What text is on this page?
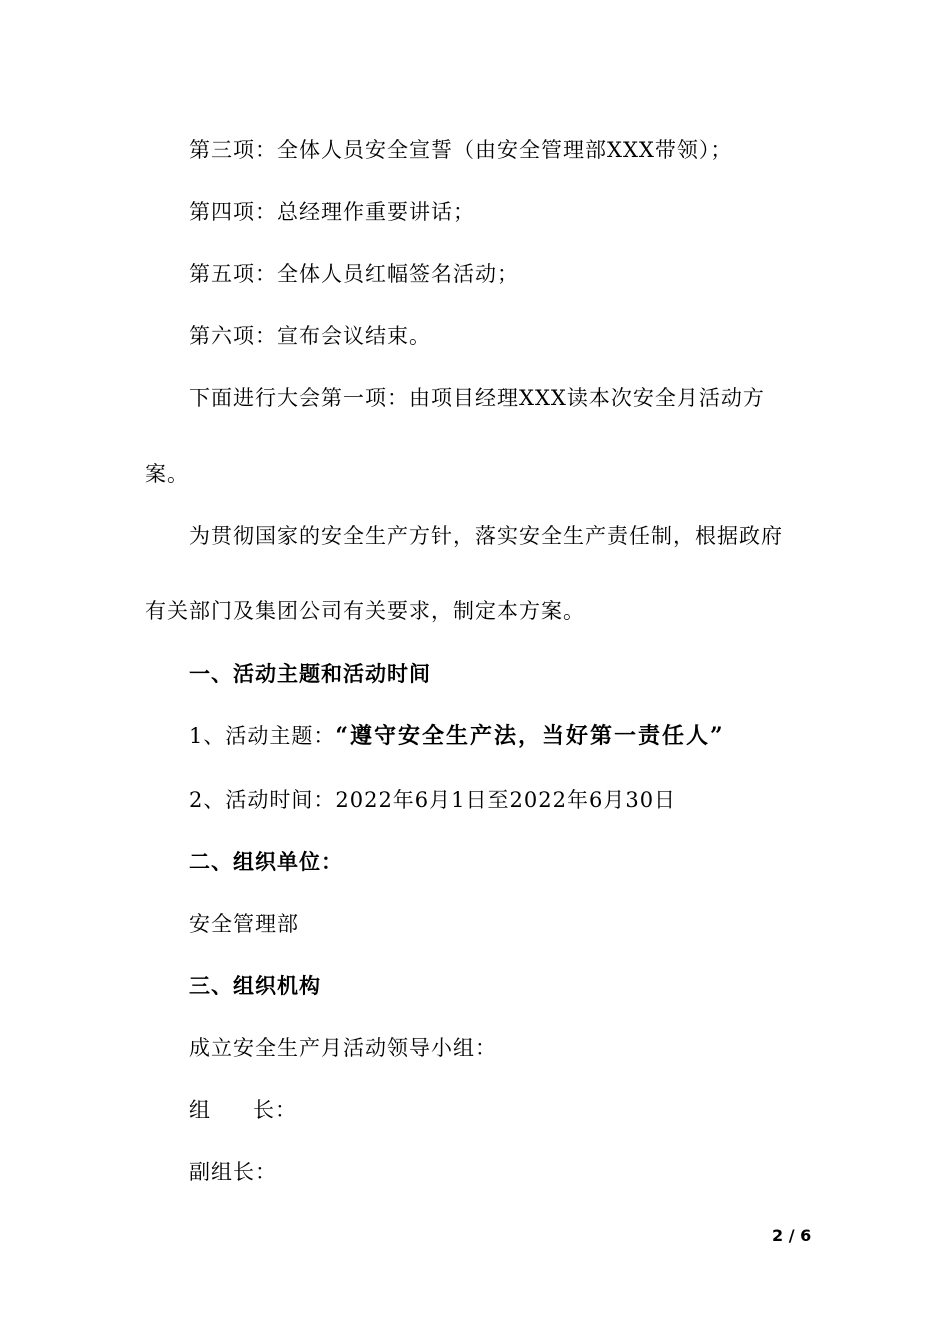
第三项：全体人员安全宣誓（由安全管理部XXX带领）；
第四项：总经理作重要讲话；
第五项：全体人员红幅签名活动；
第六项：宣布会议结束。
下面进行大会第一项：由项目经理XXX读本次安全月活动方
案。
为贯彻国家的安全生产方针，落实安全生产责任制，根据政府
有关部门及集团公司有关要求，制定本方案。
一、活动主题和活动时间
1、活动主题：“遵守安全生产法，当好第一责任人”
2、活动时间：2022年6月1日至2022年6月30日
二、组织单位：
安全管理部
三、组织机构
成立安全生产月活动领导小组：
组 长：
副组长：
2 / 6
